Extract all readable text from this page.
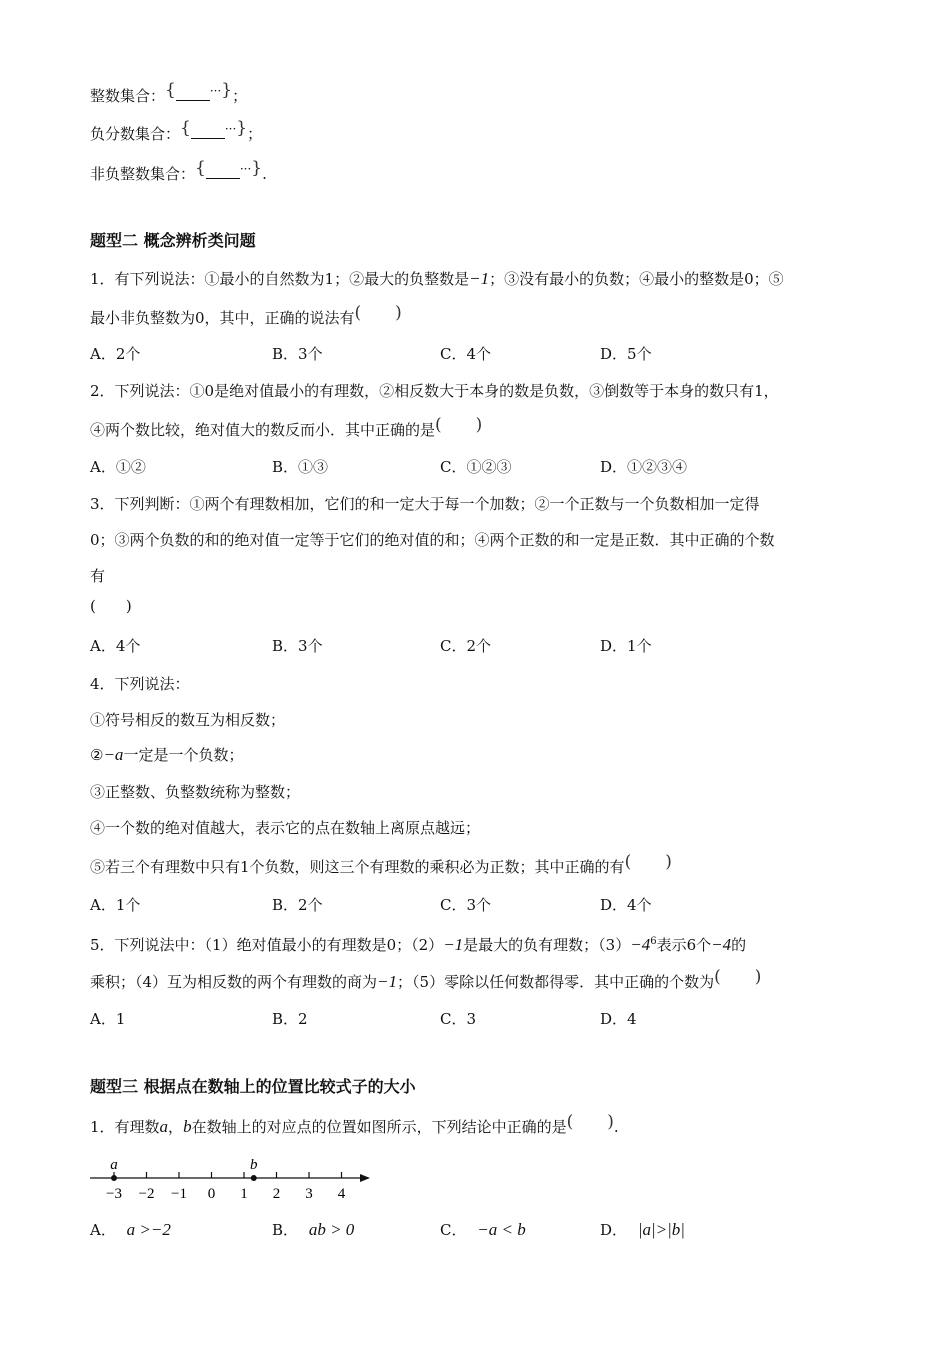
整数集合：{	···}；
负分数集合：{	···}；
非负整数集合：{	···}.
题型二 概念辨析类问题
1．有下列说法：①最小的自然数为1；②最大的负整数是−1；③没有最小的负数；④最小的整数是0；⑤
最小非负整数为0，其中，正确的说法有(　　)
A．2个	B．3个	C．4个	D．5个
2．下列说法：①0是绝对值最小的有理数，②相反数大于本身的数是负数，③倒数等于本身的数只有1，
④两个数比较，绝对值大的数反而小．其中正确的是(　　)
A．①②	B．①③	C．①②③	D．①②③④
3．下列判断：①两个有理数相加，它们的和一定大于每一个加数；②一个正数与一个负数相加一定得
0；③两个负数的和的绝对值一定等于它们的绝对值的和；④两个正数的和一定是正数．其中正确的个数
有
(　　)
A．4个	B．3个	C．2个	D．1个
4．下列说法：
①符号相反的数互为相反数；
②−a一定是一个负数；
③正整数、负整数统称为整数；
④一个数的绝对值越大，表示它的点在数轴上离原点越远；
⑤若三个有理数中只有1个负数，则这三个有理数的乘积必为正数；其中正确的有(　　)
A．1个	B．2个	C．3个	D．4个
5．下列说法中：（1）绝对值最小的有理数是0；（2）−1是最大的负有理数；$(3)-4^6$表示6个−4的
乘积；（4）互为相反数的两个有理数的商为−1；（5）零除以任何数都得零．其中正确的个数为(　　)
A．1	B．2	C．3	D．4
题型三 根据点在数轴上的位置比较式子的大小
1．有理数a，b在数轴上的对应点的位置如图所示，下列结论中正确的是(　　).
−3 −2 −1 0 1 2 3 4
a	b
A． a >−2	B． ab > 0	C． −a < b	D． |a|>|b|
